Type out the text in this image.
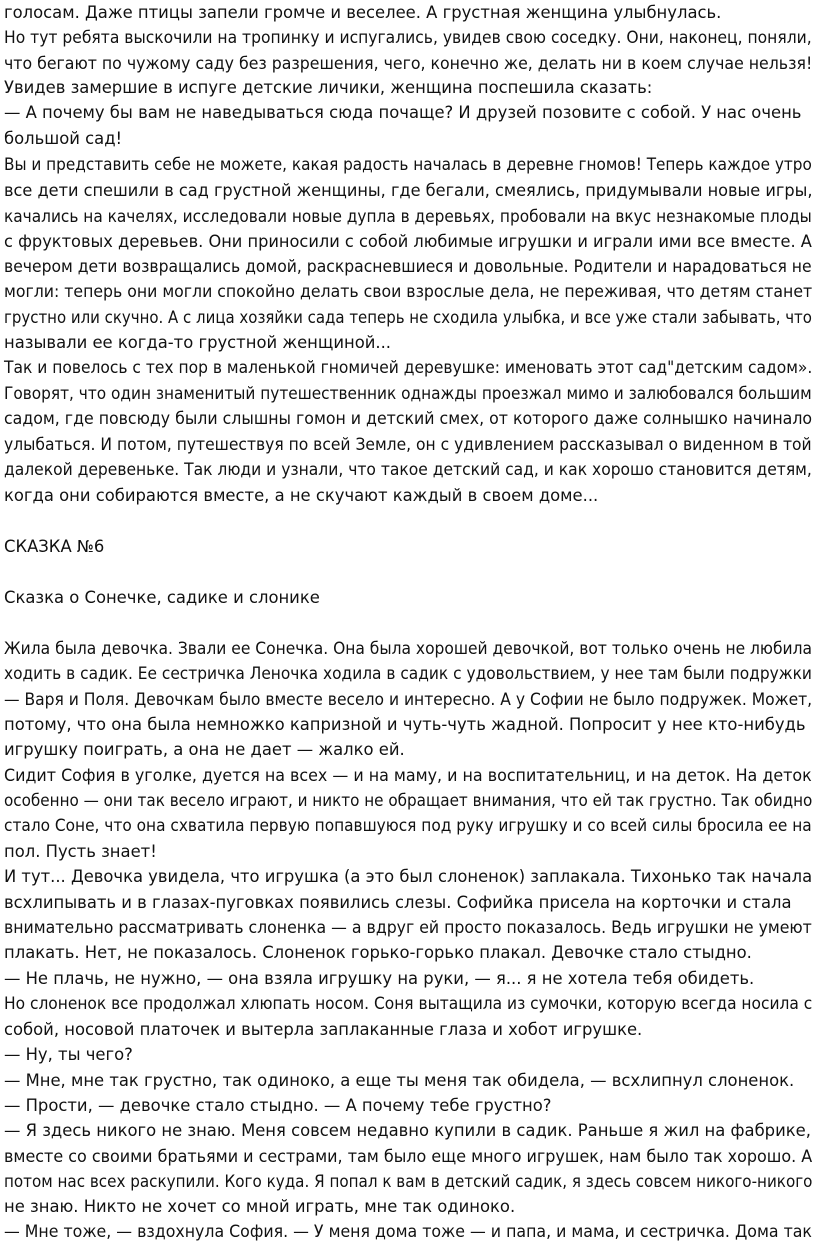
голосам. Даже птицы запели громче и веселее. А грустная женщина улыбнулась.
Но тут ребята выскочили на тропинку и испугались, увидев свою соседку. Они, наконец, поняли,
что бегают по чужому саду без разрешения, чего, конечно же, делать ни в коем случае нельзя!
Увидев замершие в испуге детские личики, женщина поспешила сказать:
— А почему бы вам не наведываться сюда почаще? И друзей позовите с собой. У нас очень
большой сад!
Вы и представить себе не можете, какая радость началась в деревне гномов! Теперь каждое утро
все дети спешили в сад грустной женщины, где бегали, смеялись, придумывали новые игры,
качались на качелях, исследовали новые дупла в деревьях, пробовали на вкус незнакомые плоды
с фруктовых деревьев. Они приносили с собой любимые игрушки и играли ими все вместе. А
вечером дети возвращались домой, раскрасневшиеся и довольные. Родители и нарадоваться не
могли: теперь они могли спокойно делать свои взрослые дела, не переживая, что детям станет
грустно или скучно. А с лица хозяйки сада теперь не сходила улыбка, и все уже стали забывать, что
называли ее когда-то грустной женщиной...
Так и повелось с тех пор в маленькой гномичей деревушке: именовать этот сад"детским садом».
Говорят, что один знаменитый путешественник однажды проезжал мимо и залюбовался большим
садом, где повсюду были слышны гомон и детский смех, от которого даже солнышко начинало
улыбаться. И потом, путешествуя по всей Земле, он с удивлением рассказывал о виденном в той
далекой деревеньке. Так люди и узнали, что такое детский сад, и как хорошо становится детям,
когда они собираются вместе, а не скучают каждый в своем доме...
СКАЗКА №6
Сказка о Сонечке, садике и слонике
Жила была девочка. Звали ее Сонечка. Она была хорошей девочкой, вот только очень не любила
ходить в садик. Ее сестричка Леночка ходила в садик с удовольствием, у нее там были подружки
— Варя и Поля. Девочкам было вместе весело и интересно. А у Софии не было подружек. Может,
потому, что она была немножко капризной и чуть-чуть жадной. Попросит у нее кто-нибудь
игрушку поиграть, а она не дает — жалко ей.
Сидит София в уголке, дуется на всех — и на маму, и на воспитательниц, и на деток. На деток
особенно — они так весело играют, и никто не обращает внимания, что ей так грустно. Так обидно
стало Соне, что она схватила первую попавшуюся под руку игрушку и со всей силы бросила ее на
пол. Пусть знает!
И тут... Девочка увидела, что игрушка (а это был слоненок) заплакала. Тихонько так начала
всхлипывать и в глазах-пуговках появились слезы. Софийка присела на корточки и стала
внимательно рассматривать слоненка — а вдруг ей просто показалось. Ведь игрушки не умеют
плакать. Нет, не показалось. Слоненок горько-горько плакал. Девочке стало стыдно.
— Не плачь, не нужно, — она взяла игрушку на руки, — я... я не хотела тебя обидеть.
Но слоненок все продолжал хлюпать носом. Соня вытащила из сумочки, которую всегда носила с
собой, носовой платочек и вытерла заплаканные глаза и хобот игрушке.
— Ну, ты чего?
— Мне, мне так грустно, так одиноко, а еще ты меня так обидела, — всхлипнул слоненок.
— Прости, — девочке стало стыдно. — А почему тебе грустно?
— Я здесь никого не знаю. Меня совсем недавно купили в садик. Раньше я жил на фабрике,
вместе со своими братьями и сестрами, там было еще много игрушек, нам было так хорошо. А
потом нас всех раскупили. Кого куда. Я попал к вам в детский садик, я здесь совсем никого-никого
не знаю. Никто не хочет со мной играть, мне так одиноко.
— Мне тоже, — вздохнула София. — У меня дома тоже — и папа, и мама, и сестричка. Дома так
